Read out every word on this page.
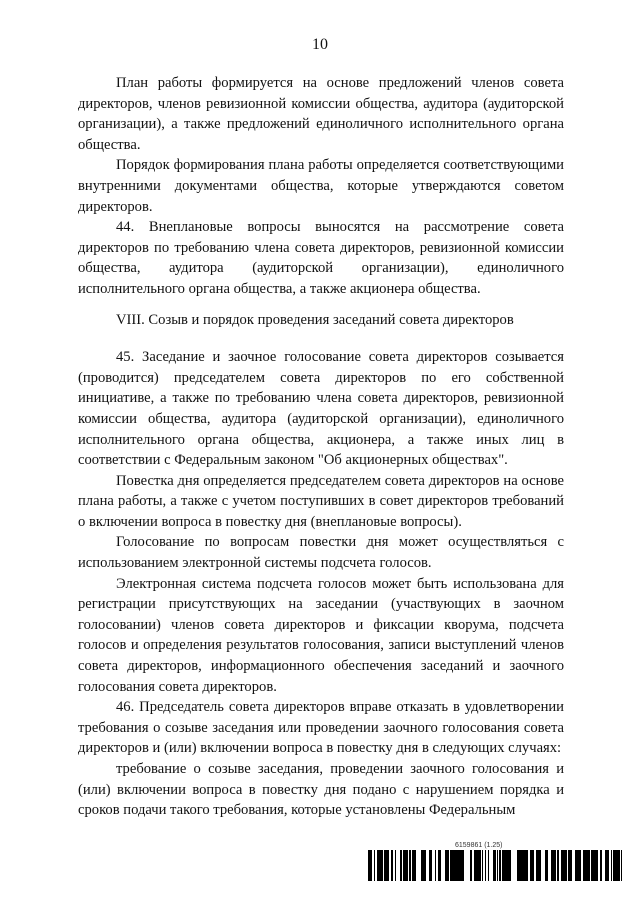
10

План работы формируется на основе предложений членов совета директоров, членов ревизионной комиссии общества, аудитора (аудиторской организации), а также предложений единоличного исполнительного органа общества.

Порядок формирования плана работы определяется соответствующими внутренними документами общества, которые утверждаются советом директоров.

44. Внеплановые вопросы выносятся на рассмотрение совета директоров по требованию члена совета директоров, ревизионной комиссии общества, аудитора (аудиторской организации), единоличного исполнительного органа общества, а также акционера общества.

VIII. Созыв и порядок проведения заседаний совета директоров

45. Заседание и заочное голосование совета директоров созывается (проводится) председателем совета директоров по его собственной инициативе, а также по требованию члена совета директоров, ревизионной комиссии общества, аудитора (аудиторской организации), единоличного исполнительного органа общества, акционера, а также иных лиц в соответствии с Федеральным законом "Об акционерных обществах".

Повестка дня определяется председателем совета директоров на основе плана работы, а также с учетом поступивших в совет директоров требований о включении вопроса в повестку дня (внеплановые вопросы).

Голосование по вопросам повестки дня может осуществляться с использованием электронной системы подсчета голосов.

Электронная система подсчета голосов может быть использована для регистрации присутствующих на заседании (участвующих в заочном голосовании) членов совета директоров и фиксации кворума, подсчета голосов и определения результатов голосования, записи выступлений членов совета директоров, информационного обеспечения заседаний и заочного голосования совета директоров.

46. Председатель совета директоров вправе отказать в удовлетворении требования о созыве заседания или проведении заочного голосования совета директоров и (или) включении вопроса в повестку дня в следующих случаях:

требование о созыве заседания, проведении заочного голосования и (или) включении вопроса в повестку дня подано с нарушением порядка и сроков подачи такого требования, которые установлены Федеральным

6159861 (1.25)
